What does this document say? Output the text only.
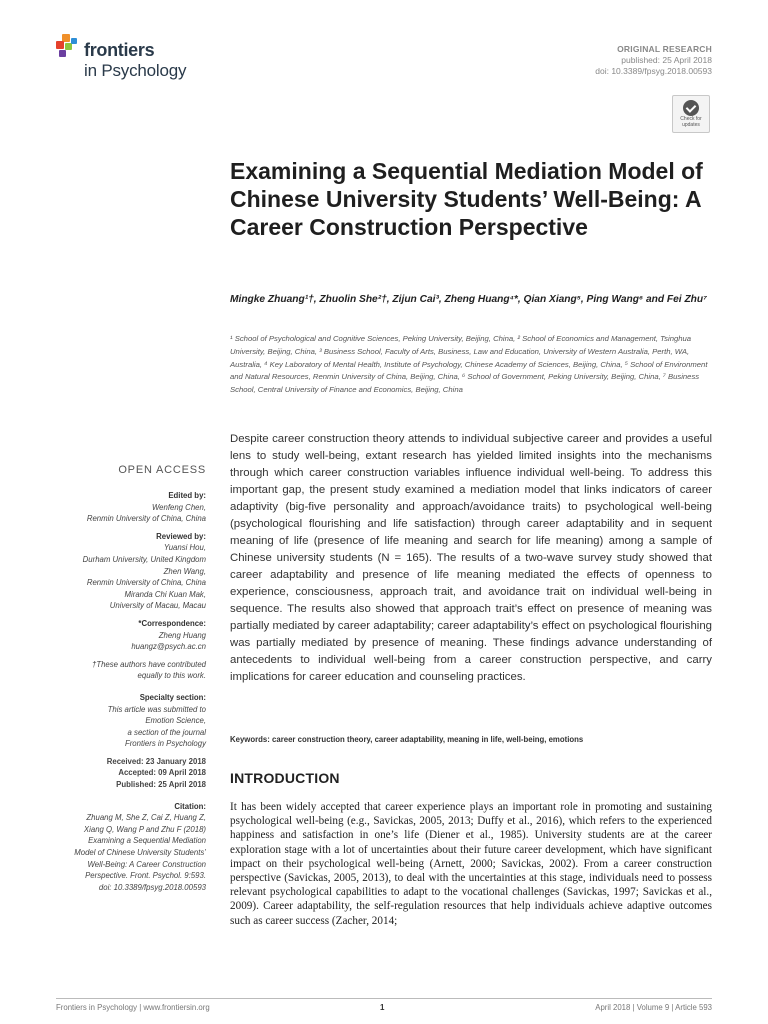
frontiers
in Psychology
ORIGINAL RESEARCH
published: 25 April 2018
doi: 10.3389/fpsyg.2018.00593
Check for
updates
Examining a Sequential Mediation Model of Chinese University Students’ Well-Being: A Career Construction Perspective
Mingke Zhuang¹†, Zhuolin She²†, Zijun Cai³, Zheng Huang⁴*, Qian Xiang⁵, Ping Wang⁶ and Fei Zhu⁷
¹ School of Psychological and Cognitive Sciences, Peking University, Beijing, China, ² School of Economics and Management, Tsinghua University, Beijing, China, ³ Business School, Faculty of Arts, Business, Law and Education, University of Western Australia, Perth, WA, Australia, ⁴ Key Laboratory of Mental Health, Institute of Psychology, Chinese Academy of Sciences, Beijing, China, ⁵ School of Environment and Natural Resources, Renmin University of China, Beijing, China, ⁶ School of Government, Peking University, Beijing, China, ⁷ Business School, Central University of Finance and Economics, Beijing, China
OPEN ACCESS
Edited by:
Wenfeng Chen,
Renmin University of China, China
Reviewed by:
Yuansi Hou,
Durham University, United Kingdom
Zhen Wang,
Renmin University of China, China
Miranda Chi Kuan Mak,
University of Macau, Macau
*Correspondence:
Zheng Huang
huangz@psych.ac.cn
†These authors have contributed
equally to this work.
Specialty section:
This article was submitted to
Emotion Science,
a section of the journal
Frontiers in Psychology
Received: 23 January 2018
Accepted: 09 April 2018
Published: 25 April 2018
Citation:
Zhuang M, She Z, Cai Z, Huang Z,
Xiang Q, Wang P and Zhu F (2018)
Examining a Sequential Mediation
Model of Chinese University Students’
Well-Being: A Career Construction
Perspective. Front. Psychol. 9:593.
doi: 10.3389/fpsyg.2018.00593
Despite career construction theory attends to individual subjective career and provides a useful lens to study well-being, extant research has yielded limited insights into the mechanisms through which career construction variables influence individual well-being. To address this important gap, the present study examined a mediation model that links indicators of career adaptivity (big-five personality and approach/avoidance traits) to psychological well-being (psychological flourishing and life satisfaction) through career adaptability and in sequent meaning of life (presence of life meaning and search for life meaning) among a sample of Chinese university students (N = 165). The results of a two-wave survey study showed that career adaptability and presence of life meaning mediated the effects of openness to experience, consciousness, approach trait, and avoidance trait on individual well-being in sequence. The results also showed that approach trait’s effect on presence of meaning was partially mediated by career adaptability; career adaptability’s effect on psychological flourishing was partially mediated by presence of meaning. These findings advance understanding of antecedents to individual well-being from a career construction perspective, and carry implications for career education and counseling practices.
Keywords: career construction theory, career adaptability, meaning in life, well-being, emotions
INTRODUCTION
It has been widely accepted that career experience plays an important role in promoting and sustaining psychological well-being (e.g., Savickas, 2005, 2013; Duffy et al., 2016), which refers to the experienced happiness and satisfaction in one’s life (Diener et al., 1985). University students are at the career exploration stage with a lot of uncertainties about their future career development, which have significant impact on their psychological well-being (Arnett, 2000; Savickas, 2002). From a career construction perspective (Savickas, 2005, 2013), to deal with the uncertainties at this stage, individuals need to possess relevant psychological capabilities to adapt to the vocational challenges (Savickas, 1997; Savickas et al., 2009). Career adaptability, the self-regulation resources that help individuals achieve adaptive outcomes such as career success (Zacher, 2014;
Frontiers in Psychology | www.frontiersin.org	1	April 2018 | Volume 9 | Article 593
